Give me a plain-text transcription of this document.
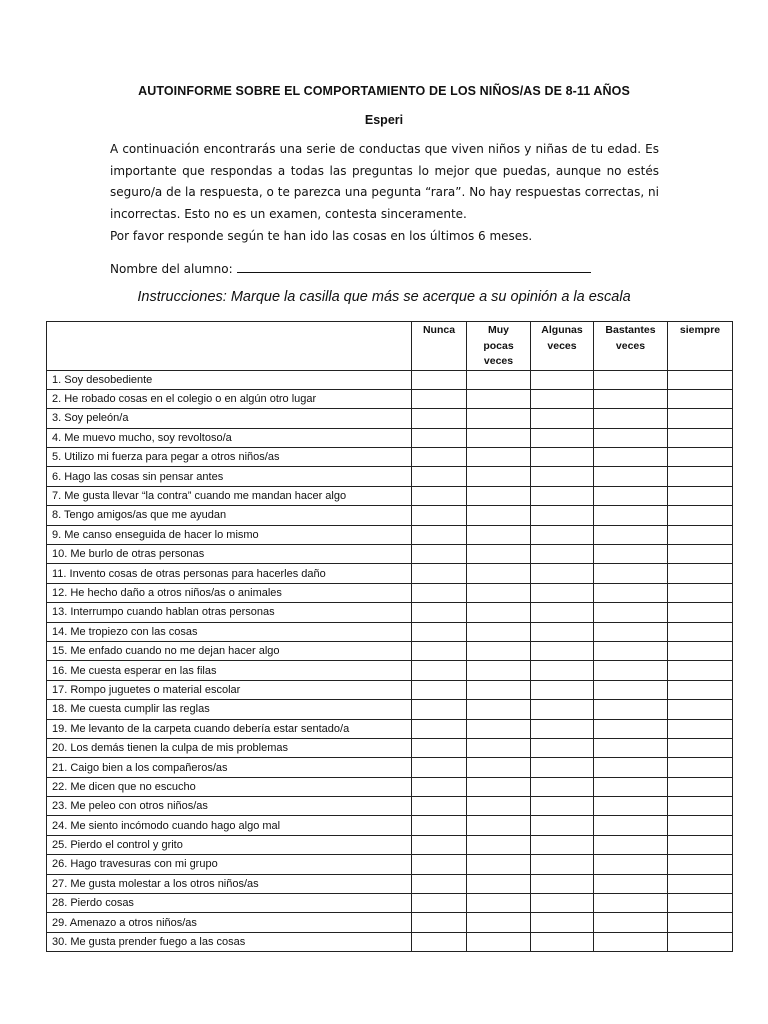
AUTOINFORME SOBRE EL COMPORTAMIENTO DE LOS NIÑOS/AS DE 8-11 AÑOS
Esperi
A continuación encontrarás una serie de conductas que viven niños y niñas de tu edad. Es importante que respondas a todas las preguntas lo mejor que puedas, aunque no estés seguro/a de la respuesta, o te parezca una pegunta “rara”. No hay respuestas correctas, ni incorrectas. Esto no es un examen, contesta sinceramente.
Por favor responde según te han ido las cosas en los últimos 6 meses.
Nombre del alumno:
Instrucciones: Marque la casilla que más se acerque a su opinión a la escala

	Nunca	Muy pocas veces	Algunas veces	Bastantes veces	siempre

1. Soy desobediente					
2. He robado cosas en el colegio o en algún otro lugar					
3. Soy peleón/a					
4. Me muevo mucho, soy revoltoso/a					
5. Utilizo mi fuerza para pegar a otros niños/as					
6. Hago las cosas sin pensar antes					
7. Me gusta llevar “la contra” cuando me mandan hacer algo					
8. Tengo amigos/as que me ayudan					
9. Me canso enseguida de hacer lo mismo					
10. Me burlo de otras personas					
11. Invento cosas de otras personas para hacerles daño					
12. He hecho daño a otros niños/as o animales					
13. Interrumpo cuando hablan otras personas					
14. Me tropiezo con las cosas					
15. Me enfado cuando no me dejan hacer algo					
16. Me cuesta esperar en las filas					
17. Rompo juguetes o material escolar					
18. Me cuesta cumplir las reglas					
19. Me levanto de la carpeta cuando debería estar sentado/a					
20. Los demás tienen la culpa de mis problemas					
21. Caigo bien a los compañeros/as					
22. Me dicen que no escucho					
23. Me peleo con otros niños/as					
24. Me siento incómodo cuando hago algo mal					
25. Pierdo el control y grito					
26. Hago travesuras con mi grupo					
27. Me gusta molestar a los otros niños/as					
28. Pierdo cosas					
29. Amenazo a otros niños/as					
30. Me gusta prender fuego a las cosas					
